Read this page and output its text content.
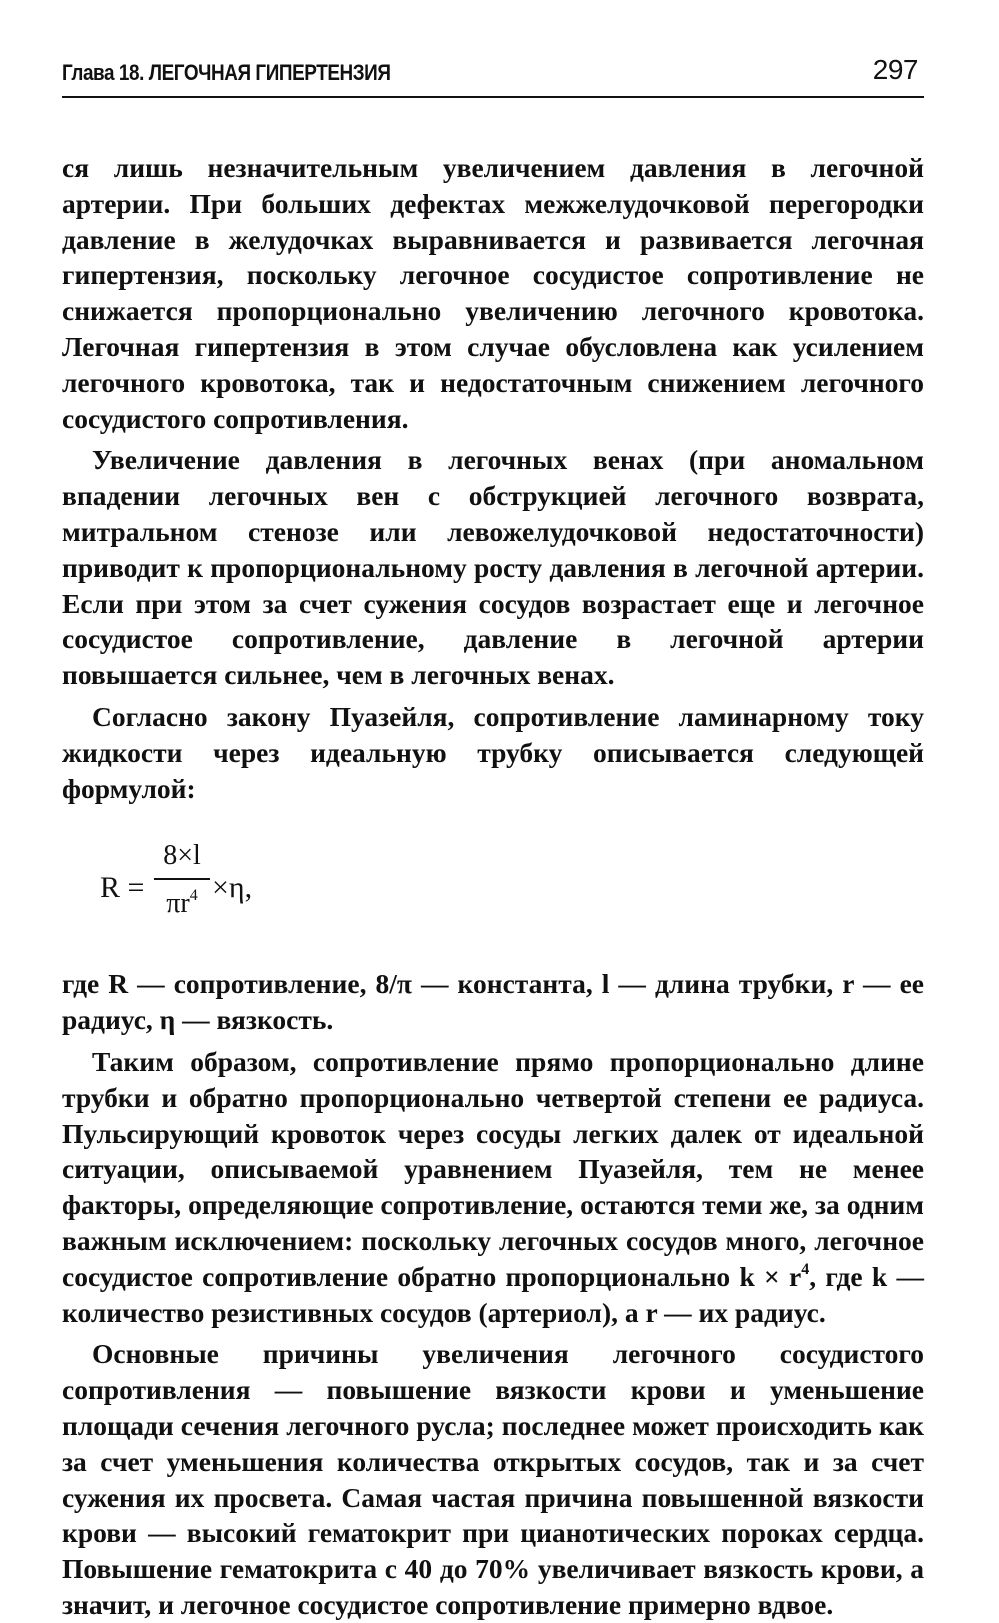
Глава 18. ЛЕГОЧНАЯ ГИПЕРТЕНЗИЯ	297

ся лишь незначительным увеличением давления в легочной артерии. При больших дефектах межжелудочковой перегородки давление в желудочках выравнивается и развивается легочная гипертензия, поскольку легочное сосудистое сопротивление не снижается пропорционально увеличению легочного кровотока. Легочная гипертензия в этом случае обусловлена как усилением легочного кровотока, так и недостаточным снижением легочного сосудистого сопротивления.

Увеличение давления в легочных венах (при аномальном впадении легочных вен с обструкцией легочного возврата, митральном стенозе или левожелудочковой недостаточности) приводит к пропорциональному росту давления в легочной артерии. Если при этом за счет сужения сосудов возрастает еще и легочное сосудистое сопротивление, давление в легочной артерии повышается сильнее, чем в легочных венах.

Согласно закону Пуазейля, сопротивление ламинарному току жидкости через идеальную трубку описывается следующей формулой:

R =
8×l
$\pi r^4 \times\eta$,

где R — сопротивление, 8/π — константа, l — длина трубки, r — ее радиус, η — вязкость.

Таким образом, сопротивление прямо пропорционально длине трубки и обратно пропорционально четвертой степени ее радиуса. Пульсирующий кровоток через сосуды легких далек от идеальной ситуации, описываемой уравнением Пуазейля, тем не менее факторы, определяющие сопротивление, остаются теми же, за одним важным исключением: поскольку легочных сосудов много, легочное сосудистое сопротивление обратно пропорционально $k \times r^4$, где k — количество резистивных сосудов (артериол), а r — их радиус.

Основные причины увеличения легочного сосудистого сопротивления — повышение вязкости крови и уменьшение площади сечения легочного русла; последнее может происходить как за счет уменьшения количества открытых сосудов, так и за счет сужения их просвета. Самая частая причина повышенной вязкости крови — высокий гематокрит при цианотических пороках сердца. Повышение гематокрита с 40 до 70% увеличивает вязкость крови, а значит, и легочное сосудистое сопротивление примерно вдвое.
